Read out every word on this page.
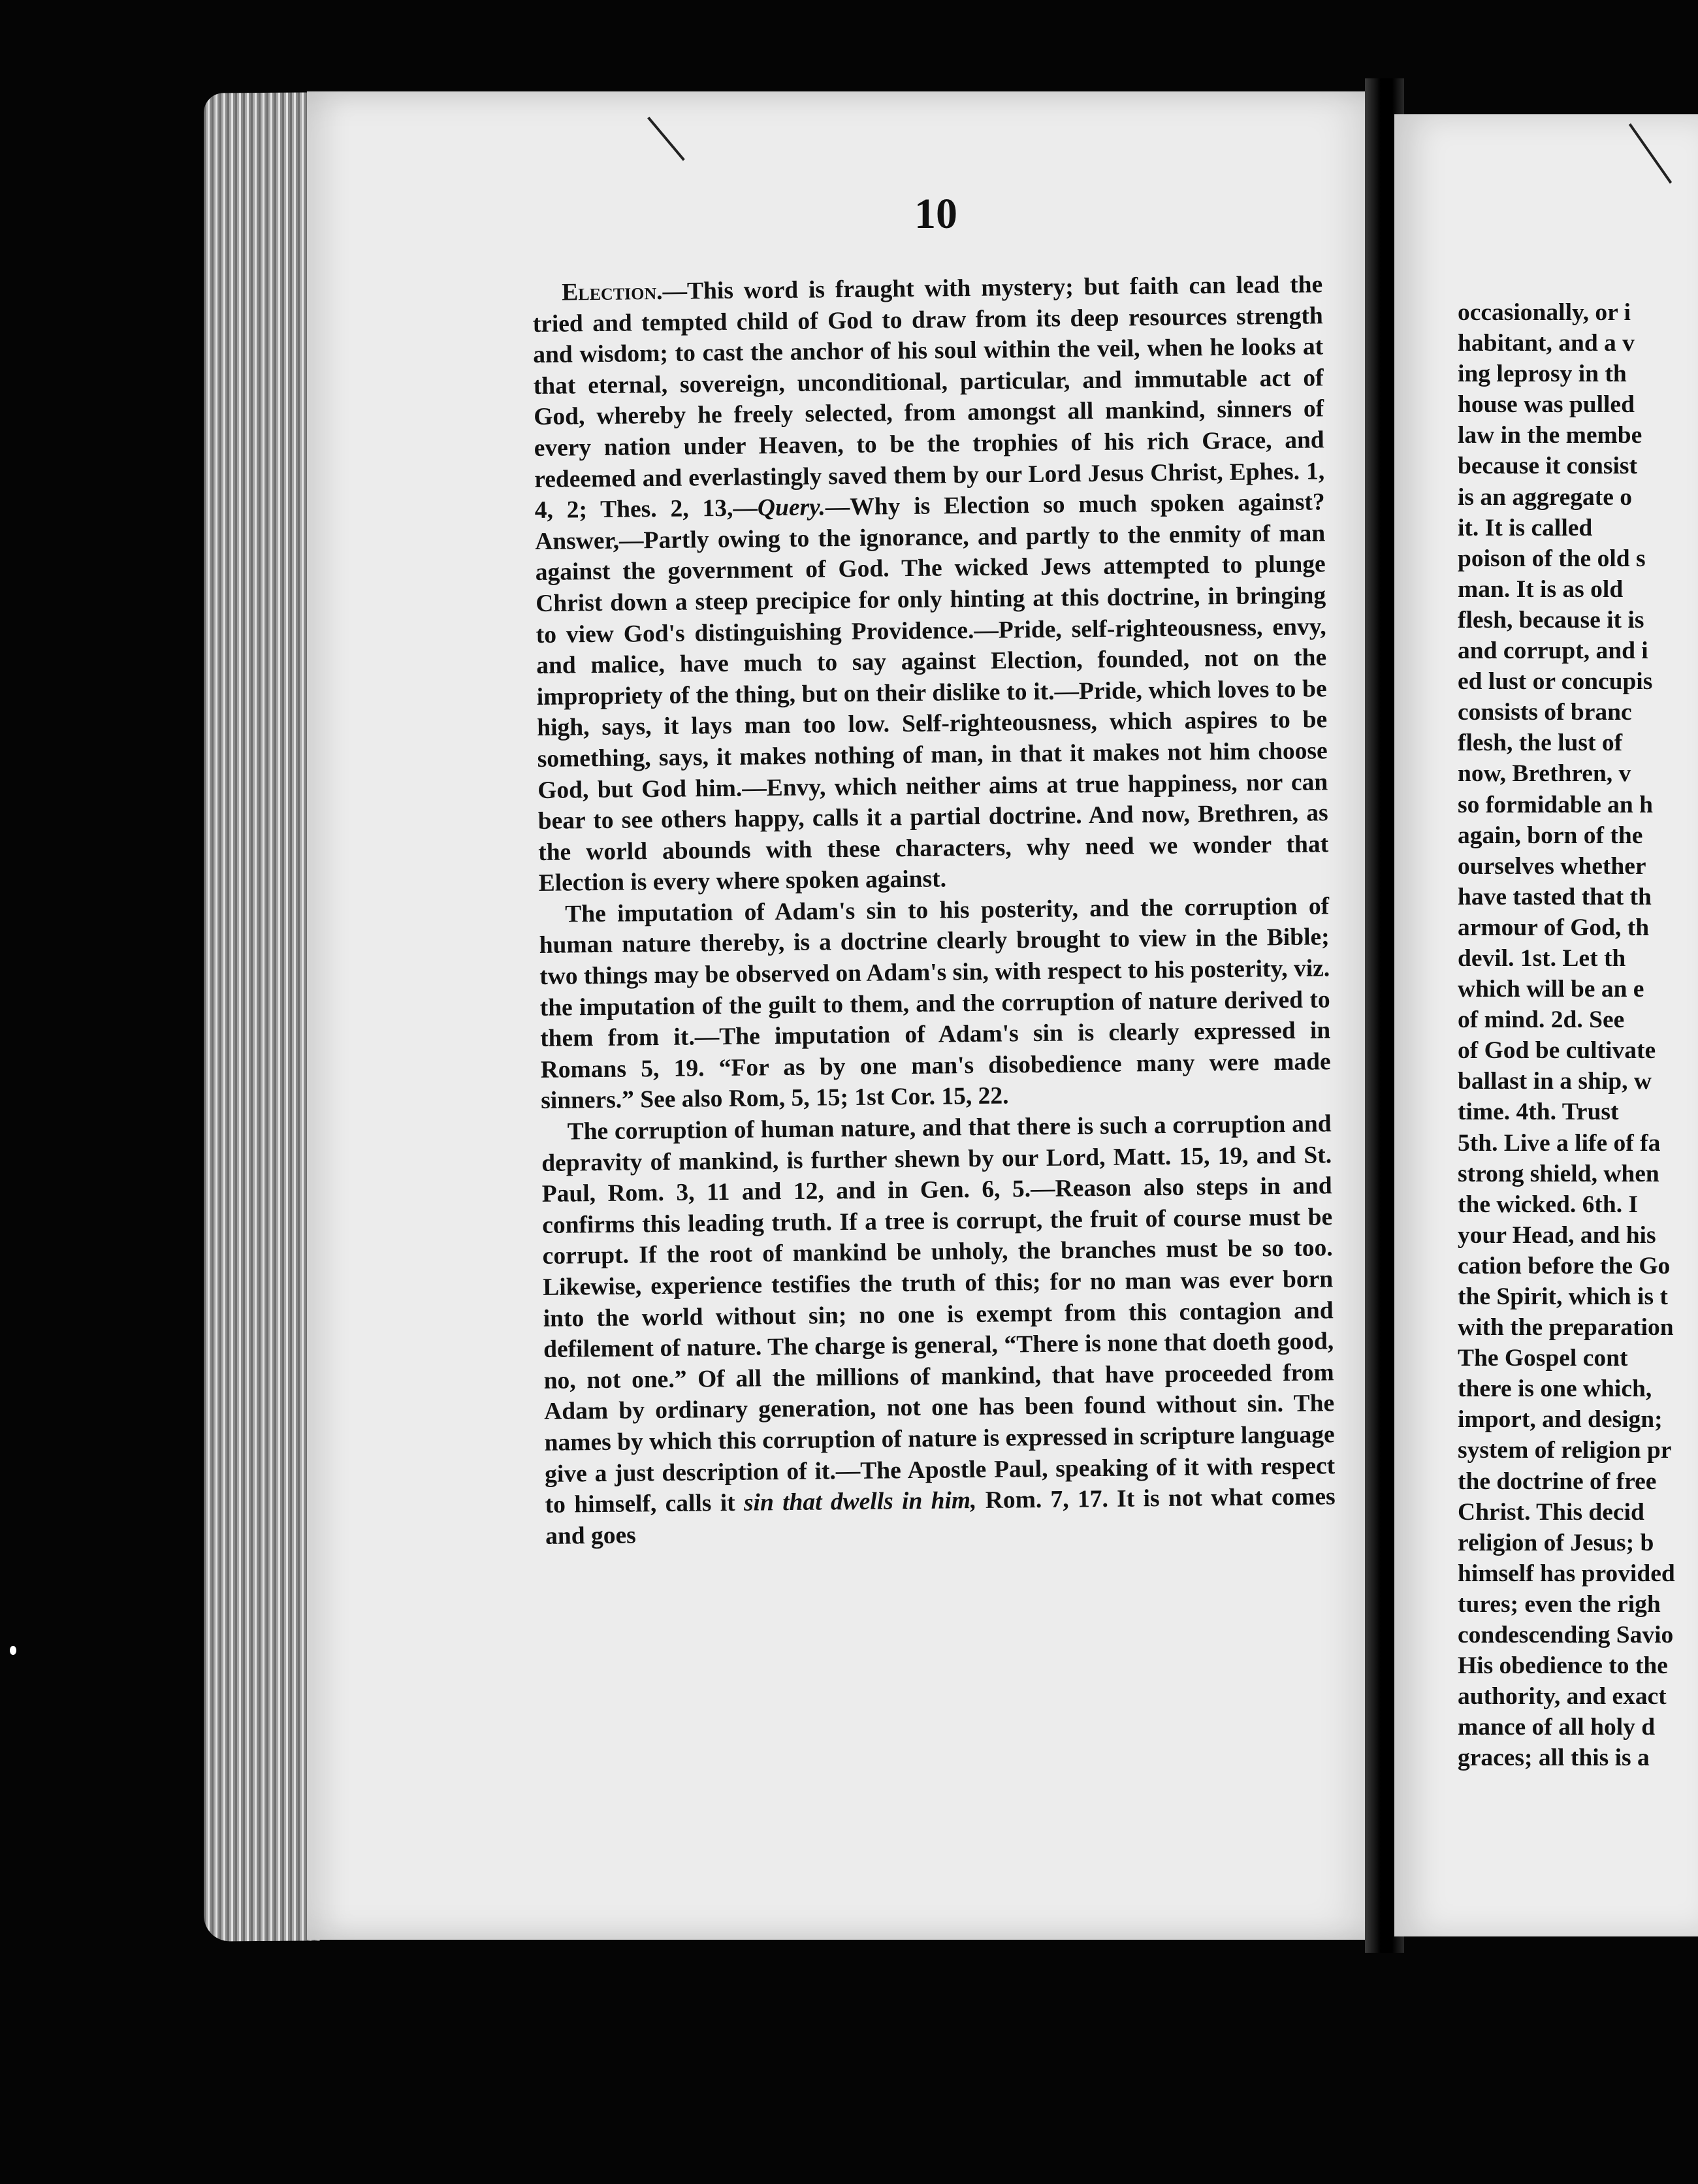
10

Election.—This word is fraught with mystery; but faith can lead the tried and tempted child of God to draw from its deep resources strength and wisdom; to cast the anchor of his soul within the veil, when he looks at that eternal, sovereign, unconditional, particular, and immutable act of God, whereby he freely selected, from amongst all mankind, sinners of every nation under Heaven, to be the trophies of his rich Grace, and redeemed and everlastingly saved them by our Lord Jesus Christ, Ephes. 1, 4, 2; Thes. 2, 13,—Query.—Why is Election so much spoken against? Answer,—Partly owing to the ignorance, and partly to the enmity of man against the government of God. The wicked Jews attempted to plunge Christ down a steep precipice for only hinting at this doctrine, in bringing to view God's distinguishing Providence.—Pride, self-righteousness, envy, and malice, have much to say against Election, founded, not on the impropriety of the thing, but on their dislike to it.—Pride, which loves to be high, says, it lays man too low. Self-righteousness, which aspires to be something, says, it makes nothing of man, in that it makes not him choose God, but God him.—Envy, which neither aims at true happiness, nor can bear to see others happy, calls it a partial doctrine. And now, Brethren, as the world abounds with these characters, why need we wonder that Election is every where spoken against.

The imputation of Adam's sin to his posterity, and the corruption of human nature thereby, is a doctrine clearly brought to view in the Bible; two things may be observed on Adam's sin, with respect to his posterity, viz. the imputation of the guilt to them, and the corruption of nature derived to them from it.—The imputation of Adam's sin is clearly expressed in Romans 5, 19. “For as by one man's disobedience many were made sinners.” See also Rom, 5, 15; 1st Cor. 15, 22.

The corruption of human nature, and that there is such a corruption and depravity of mankind, is further shewn by our Lord, Matt. 15, 19, and St. Paul, Rom. 3, 11 and 12, and in Gen. 6, 5.—Reason also steps in and confirms this leading truth. If a tree is corrupt, the fruit of course must be corrupt. If the root of mankind be unholy, the branches must be so too. Likewise, experience testifies the truth of this; for no man was ever born into the world without sin; no one is exempt from this contagion and defilement of nature. The charge is general, “There is none that doeth good, no, not one.” Of all the millions of mankind, that have proceeded from Adam by ordinary generation, not one has been found without sin. The names by which this corruption of nature is expressed in scripture language give a just description of it.—The Apostle Paul, speaking of it with respect to himself, calls it sin that dwells in him, Rom. 7, 17. It is not what comes and goes

occasionally, or i
habitant, and a v
ing leprosy in th
house was pulled
law in the membe
because it consist
is an aggregate o
it. It is called
poison of the old s
man. It is as old
flesh, because it is
and corrupt, and i
ed lust or concupis
consists of branc
flesh, the lust of
now, Brethren, v
so formidable an h
again, born of the
ourselves whether
have tasted that th
armour of God, th
devil. 1st. Let th
which will be an e
of mind. 2d. See
of God be cultivate
ballast in a ship, w
time. 4th. Trust
5th. Live a life of fa
strong shield, when
the wicked. 6th. I
your Head, and his
cation before the Go
the Spirit, which is t
with the preparation
The Gospel cont
there is one which,
import, and design;
system of religion pr
the doctrine of free
Christ. This decid
religion of Jesus; b
himself has provided
tures; even the righ
condescending Savio
His obedience to the
authority, and exact
mance of all holy d
graces; all this is a
